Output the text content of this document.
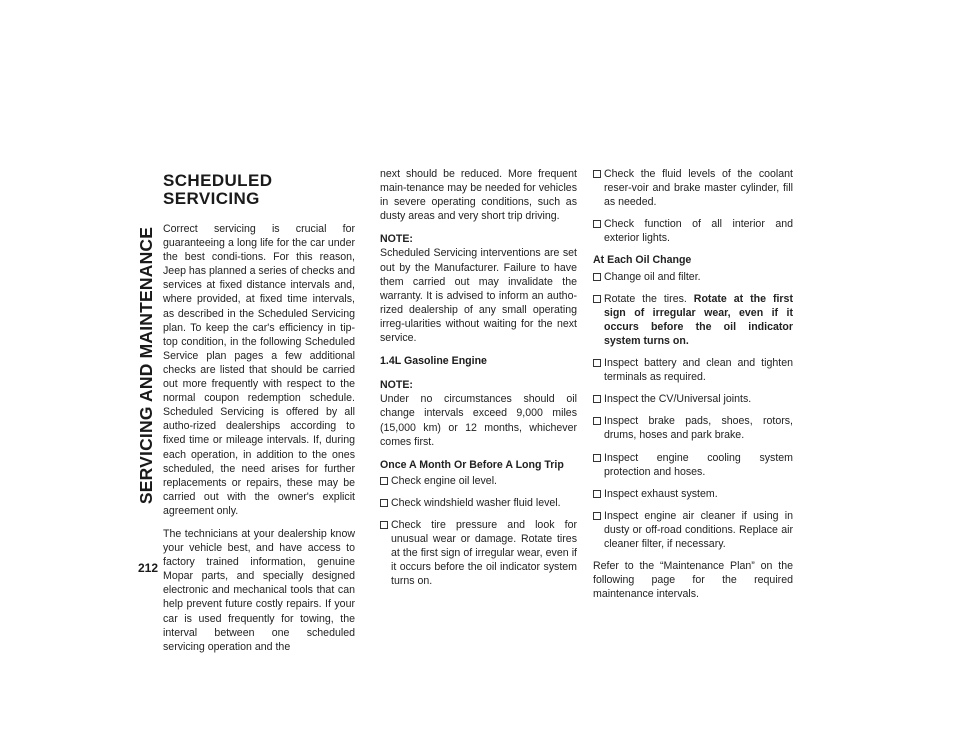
SERVICING AND MAINTENANCE
212
SCHEDULED SERVICING

Correct servicing is crucial for guaranteeing a long life for the car under the best condi-tions. For this reason, Jeep has planned a series of checks and services at fixed distance intervals and, where provided, at fixed time intervals, as described in the Scheduled Servicing plan. To keep the car's efficiency in tip-top condition, in the following Scheduled Service plan pages a few additional checks are listed that should be carried out more frequently with respect to the normal coupon redemption schedule. Scheduled Servicing is offered by all autho-rized dealerships according to fixed time or mileage intervals. If, during each operation, in addition to the ones scheduled, the need arises for further replacements or repairs, these may be carried out with the owner's explicit agreement only.

The technicians at your dealership know your vehicle best, and have access to factory trained information, genuine Mopar parts, and specially designed electronic and mechanical tools that can help prevent future costly repairs. If your car is used frequently for towing, the interval between one scheduled servicing operation and the

next should be reduced. More frequent main-tenance may be needed for vehicles in severe operating conditions, such as dusty areas and very short trip driving.

NOTE:
Scheduled Servicing interventions are set out by the Manufacturer. Failure to have them carried out may invalidate the warranty. It is advised to inform an autho-rized dealership of any small operating irreg-ularities without waiting for the next service.
1.4L Gasoline Engine
NOTE:
Under no circumstances should oil change intervals exceed 9,000 miles (15,000 km) or 12 months, whichever comes first.
Once A Month Or Before A Long Trip
Check engine oil level.
Check windshield washer fluid level.
Check tire pressure and look for unusual wear or damage. Rotate tires at the first sign of irregular wear, even if it occurs before the oil indicator system turns on.
Check the fluid levels of the coolant reser-voir and brake master cylinder, fill as needed.
Check function of all interior and exterior lights.
At Each Oil Change
Change oil and filter.
Rotate the tires. Rotate at the first sign of irregular wear, even if it occurs before the oil indicator system turns on.
Inspect battery and clean and tighten terminals as required.
Inspect the CV/Universal joints.
Inspect brake pads, shoes, rotors, drums, hoses and park brake.
Inspect engine cooling system protection and hoses.
Inspect exhaust system.
Inspect engine air cleaner if using in dusty or off-road conditions. Replace air cleaner filter, if necessary.

Refer to the “Maintenance Plan” on the following page for the required maintenance intervals.
